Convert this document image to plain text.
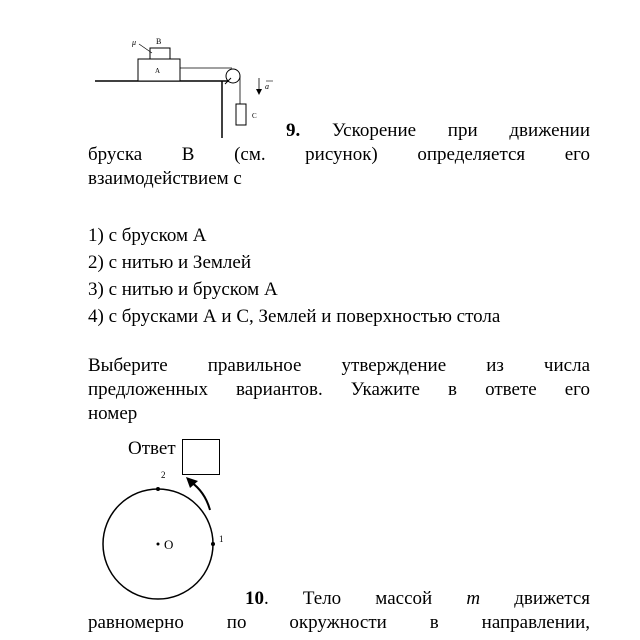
μ B
A
a
C
9. Ускорение при движении
бруска В (см. рисунок) определяется его
взаимодействием с
1) с бруском А
2) с нитью и Землей
3) с нитью и бруском А
4) с брусками А и С, Землей и поверхностью стола
Выберите правильное утверждение из числа
предложенных вариантов. Укажите в ответе его
номер
Ответ
2
1
O
10. Тело массой m движется
равномерно по окружности в направлении,
